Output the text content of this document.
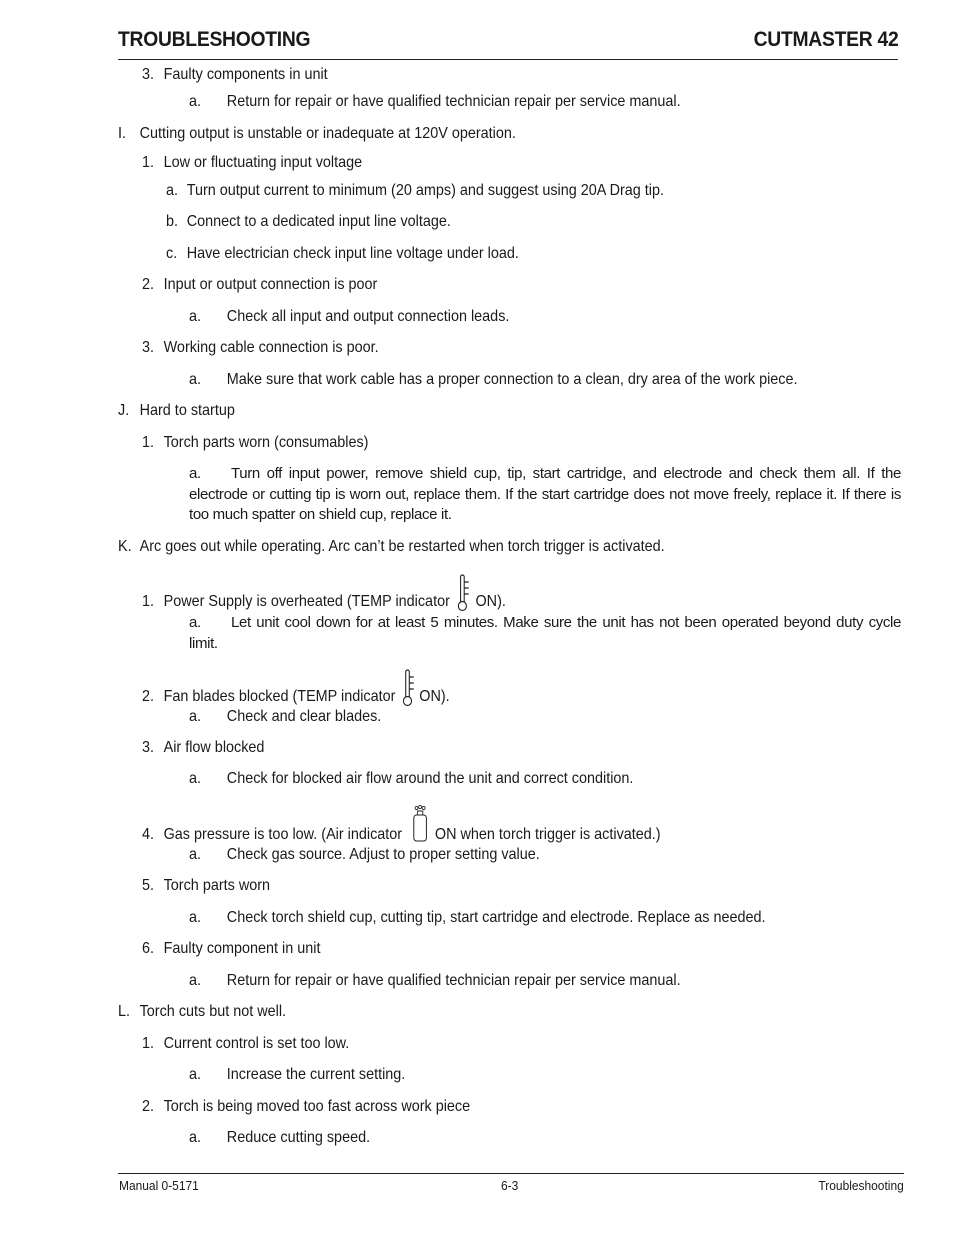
TROUBLESHOOTING	CUTMASTER 42
3. Faulty components in unit
a. Return for repair or have qualified technician repair per service manual.
I. Cutting output is unstable or inadequate at 120V operation.
1. Low or fluctuating input voltage
a. Turn output current to minimum (20 amps) and suggest using 20A Drag tip.
b. Connect to a dedicated input line voltage.
c. Have electrician check input line voltage under load.
2. Input or output connection is poor
a. Check all input and output connection leads.
3. Working cable connection is poor.
a. Make sure that work cable has a proper connection to a clean, dry area of the work piece.
J. Hard to startup
1. Torch parts worn (consumables)
a. Turn off input power, remove shield cup, tip, start cartridge, and electrode and check them all. If the electrode or cutting tip is worn out, replace them. If the start cartridge does not move freely, replace it. If there is too much spatter on shield cup, replace it.
K. Arc goes out while operating. Arc can’t be restarted when torch trigger is activated.
1. Power Supply is overheated (TEMP indicator ON).
a. Let unit cool down for at least 5 minutes. Make sure the unit has not been operated beyond duty cycle limit.
2. Fan blades blocked (TEMP indicator ON).
a. Check and clear blades.
3. Air flow blocked
a. Check for blocked air flow around the unit and correct condition.
4. Gas pressure is too low. (Air indicator ON when torch trigger is activated.)
a. Check gas source. Adjust to proper setting value.
5. Torch parts worn
a. Check torch shield cup, cutting tip, start cartridge and electrode. Replace as needed.
6. Faulty component in unit
a. Return for repair or have qualified technician repair per service manual.
L. Torch cuts but not well.
1. Current control is set too low.
a. Increase the current setting.
2. Torch is being moved too fast across work piece
a. Reduce cutting speed.
Manual 0-5171	6-3	Troubleshooting
